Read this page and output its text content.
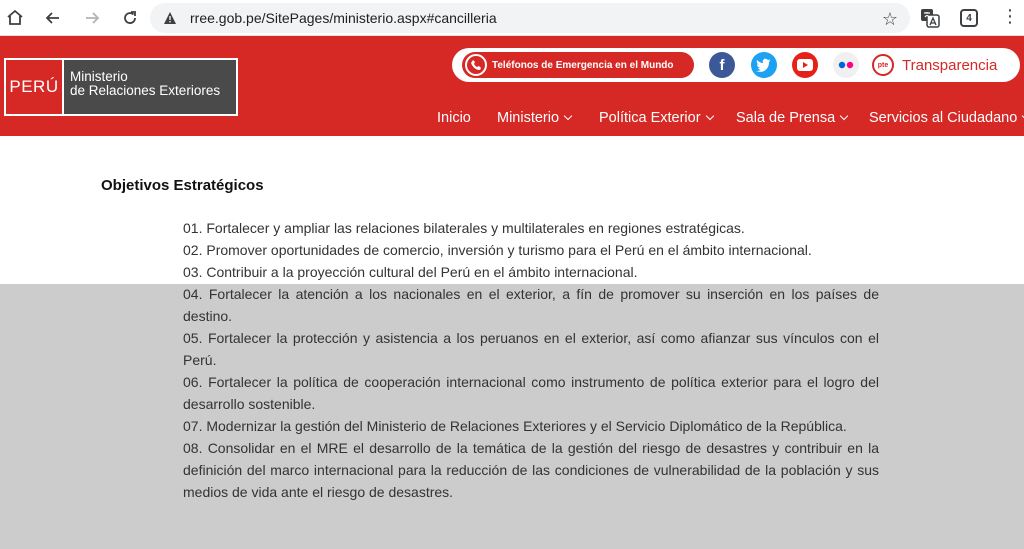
rree.gob.pe/SitePages/ministerio.aspx#cancilleria	☆	4	⋮
PERÚ
Ministerio
de Relaciones Exteriores
Teléfonos de Emergencia en el Mundo	f	pte Transparencia
Inicio Ministerio	Política Exterior Sala de Prensa Servicios al Ciudadano
Objetivos Estratégicos

01. Fortalecer y ampliar las relaciones bilaterales y multilaterales en regiones estratégicas.

02. Promover oportunidades de comercio, inversión y turismo para el Perú en el ámbito internacional.

03. Contribuir a la proyección cultural del Perú en el ámbito internacional.

04. Fortalecer la atención a los nacionales en el exterior, a fín de promover su inserción en los países de destino.

05. Fortalecer la protección y asistencia a los peruanos en el exterior, así como afianzar sus vínculos con el Perú.

06. Fortalecer la política de cooperación internacional como instrumento de política exterior para el logro del desarrollo sostenible.

07. Modernizar la gestión del Ministerio de Relaciones Exteriores y el Servicio Diplomático de la República.

08. Consolidar en el MRE el desarrollo de la temática de la gestión del riesgo de desastres y contribuir en la definición del marco internacional para la reducción de las condiciones de vulnerabilidad de la población y sus medios de vida ante el riesgo de desastres.
